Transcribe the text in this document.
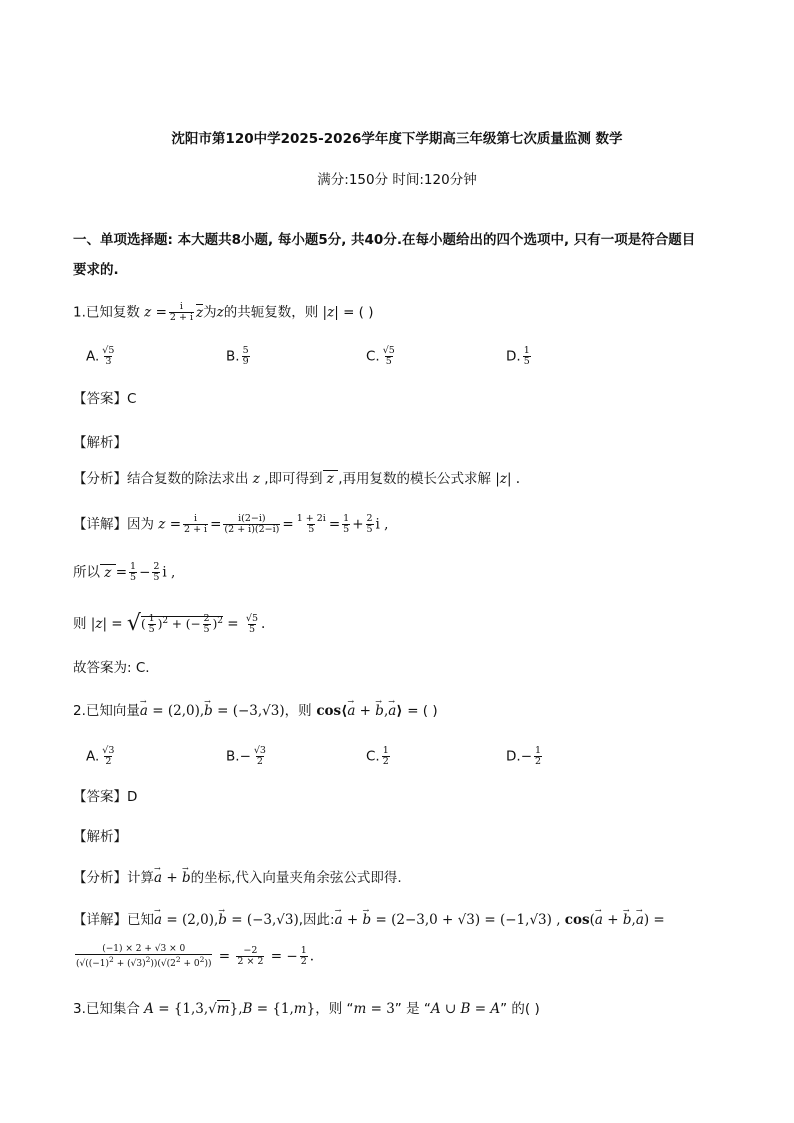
沈阳市第120中学2025-2026学年度下学期高三年级第七次质量监测 数学
满分:150分 时间:120分钟
一、单项选择题: 本大题共8小题, 每小题5分, 共40分.在每小题给出的四个选项中, 只有一项是符合题目
要求的.
1.已知复数 $z = \frac{i}{2 + i}$ z为z的共轭复数，则 |z| = ( )
A. $\frac{√5}{3}$	B. $\frac{5}{9}$	C. $\frac{√5}{5}$	D. $\frac{1}{5}$
【答案】C
【解析】
【分析】结合复数的除法求出 z ,即可得到 z ,再用复数的模长公式求解 |z| .
【详解】因为 $z = \frac{i}{2 + i} = \frac{i(2-i)}{(2 + i)(2-i)} = \frac{1 + 2i}{5} = \frac{1}{5} + \frac{2}{5}$ i ,
所以 $z = \frac{1}{5} - \frac{2}{5}$ i ,
则 |z| = √( $\frac{1}{5} )^2$ + (− $\frac{2}{5} )^2 = \frac{√5}{5}$ .
故答案为: C.
2.已知向量→ a = (2,0),→ b = (−3,√3)，则 cos⟨→ a + → b,→ a⟩ = ( )
A. $\frac{√3}{2}$	$B.- \frac{√3}{2}$	C. $\frac{1}{2}$	$D.- \frac{1}{2}$
【答案】D
【解析】
【分析】计算→ a + → b的坐标,代入向量夹角余弦公式即得.
【详解】已知→ a = (2,0),→ b = (−3,√3),因此:→ a + → b = (2−3,0 + √3) = (−1,√3) , cos(→ a + → b,→ a) =
$\frac{(-1) \times 2 + √3 \times 0}{(√((-1)^2 + (√3)^2))(√(2^2 + 0^2))} = \frac{-2}{2 \times 2}$ = − $\frac{1}{2}$ .
3.已知集合 A = {1,3,√m},B = {1,m}，则 “m = 3” 是 “A ∪ B = A” 的( )
